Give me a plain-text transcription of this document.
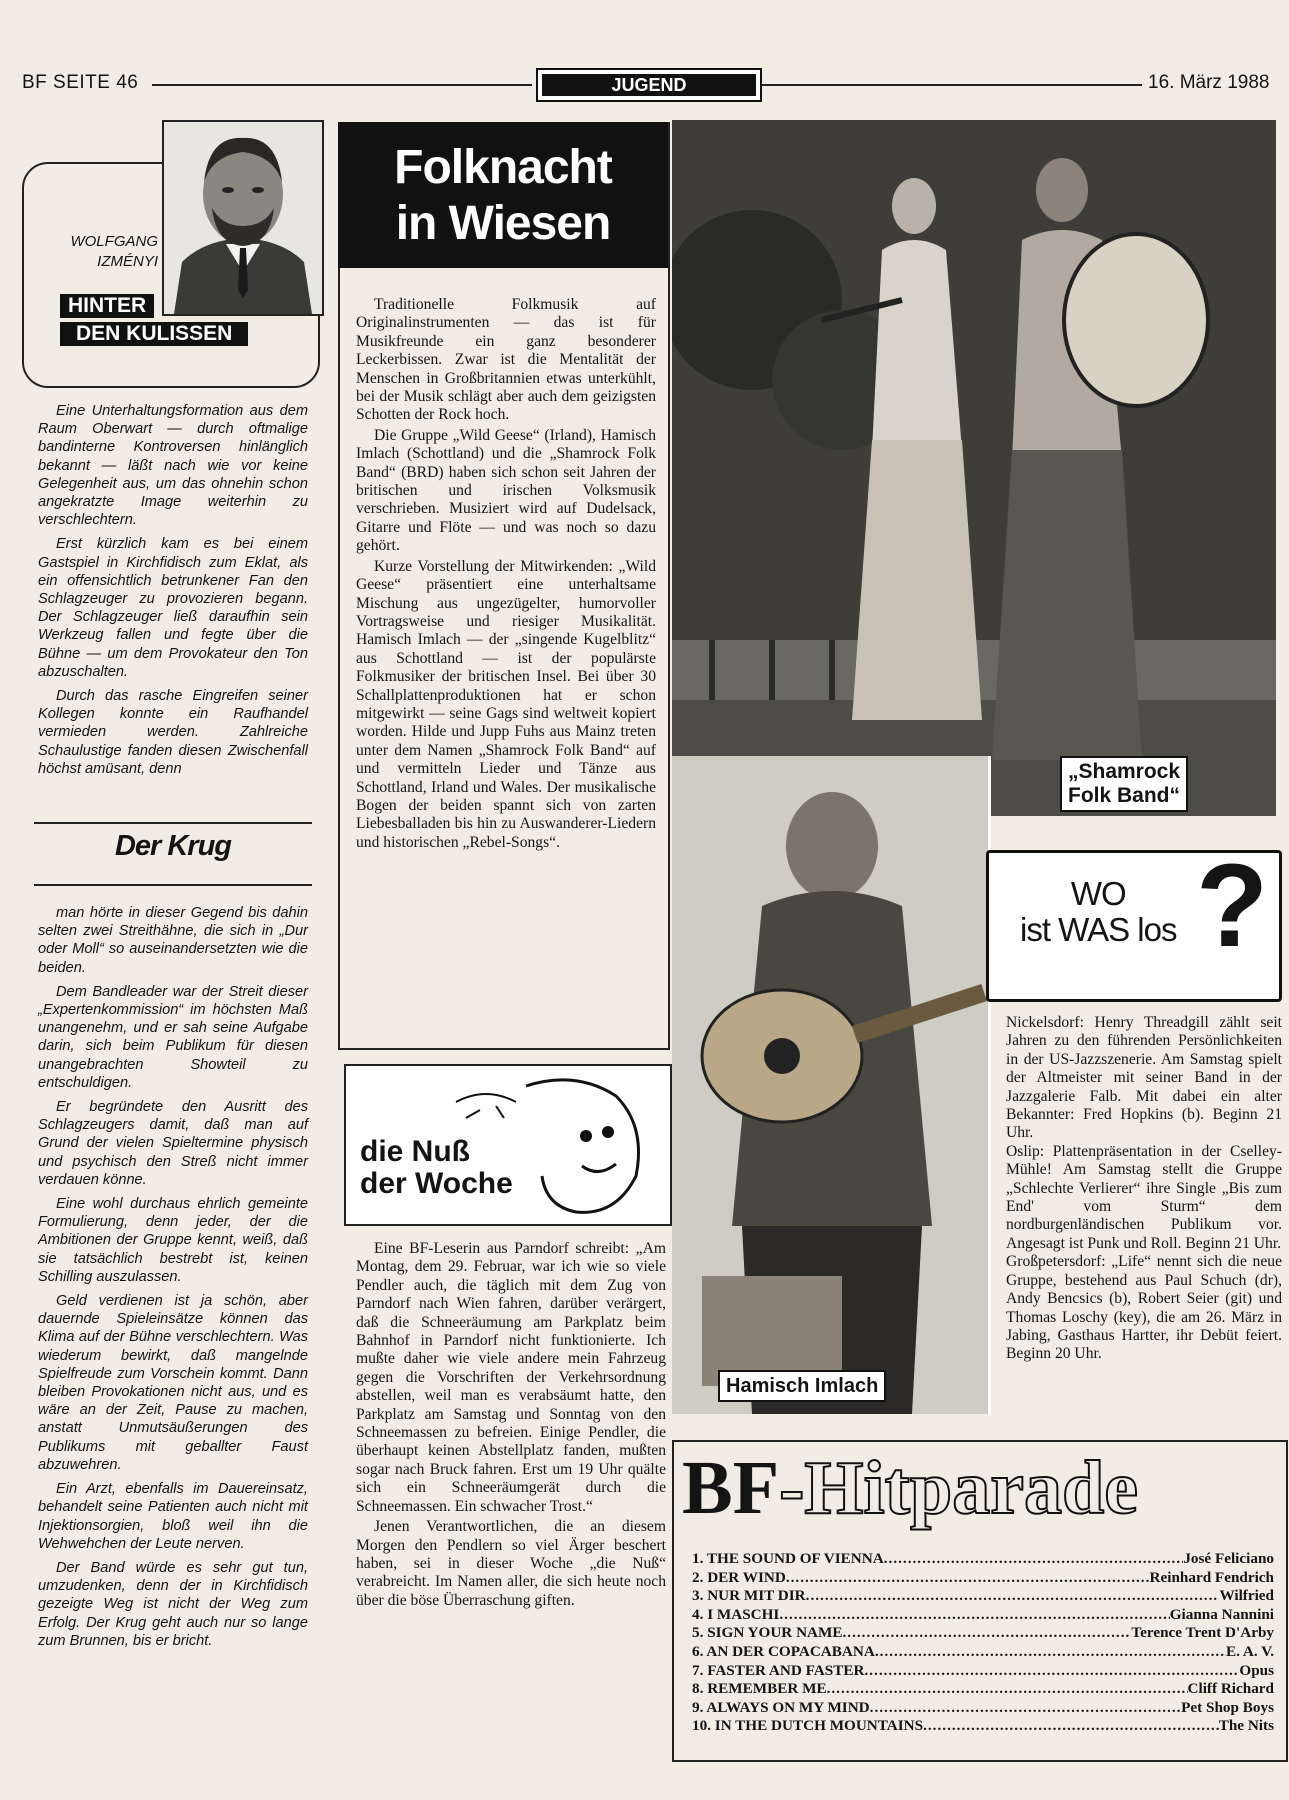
BF SEITE 46	JUGEND	16. März 1988
WOLFGANG
IZMÉNYI
HINTER
DEN KULISSEN

Eine Unterhaltungsformation aus dem Raum Oberwart — durch oftmalige bandinterne Kontroversen hinlänglich bekannt — läßt nach wie vor keine Gelegenheit aus, um das ohnehin schon angekratzte Image weiterhin zu verschlechtern.

Erst kürzlich kam es bei einem Gastspiel in Kirchfidisch zum Eklat, als ein offensichtlich betrunkener Fan den Schlagzeuger zu provozieren begann. Der Schlagzeuger ließ daraufhin sein Werkzeug fallen und fegte über die Bühne — um dem Provokateur den Ton abzuschalten.

Durch das rasche Eingreifen seiner Kollegen konnte ein Raufhandel vermieden werden. Zahlreiche Schaulustige fanden diesen Zwischenfall höchst amüsant, denn

Der Krug

man hörte in dieser Gegend bis dahin selten zwei Streithähne, die sich in „Dur oder Moll“ so auseinandersetzten wie die beiden.

Dem Bandleader war der Streit dieser „Expertenkommission“ im höchsten Maß unangenehm, und er sah seine Aufgabe darin, sich beim Publikum für diesen unangebrachten Showteil zu entschuldigen.

Er begründete den Ausritt des Schlagzeugers damit, daß man auf Grund der vielen Spieltermine physisch und psychisch den Streß nicht immer verdauen könne.

Eine wohl durchaus ehrlich gemeinte Formulierung, denn jeder, der die Ambitionen der Gruppe kennt, weiß, daß sie tatsächlich bestrebt ist, keinen Schilling auszulassen.

Geld verdienen ist ja schön, aber dauernde Spieleinsätze können das Klima auf der Bühne verschlechtern. Was wiederum bewirkt, daß mangelnde Spielfreude zum Vorschein kommt. Dann bleiben Provokationen nicht aus, und es wäre an der Zeit, Pause zu machen, anstatt Unmutsäußerungen des Publikums mit geballter Faust abzuwehren.

Ein Arzt, ebenfalls im Dauereinsatz, behandelt seine Patienten auch nicht mit Injektionsorgien, bloß weil ihn die Wehwehchen der Leute nerven.

Der Band würde es sehr gut tun, umzudenken, denn der in Kirchfidisch gezeigte Weg ist nicht der Weg zum Erfolg. Der Krug geht auch nur so lange zum Brunnen, bis er bricht.

Folknacht
in Wiesen

Traditionelle Folkmusik auf Originalinstrumenten — das ist für Musikfreunde ein ganz besonderer Leckerbissen. Zwar ist die Mentalität der Menschen in Großbritannien etwas unterkühlt, bei der Musik schlägt aber auch dem geizigsten Schotten der Rock hoch.

Die Gruppe „Wild Geese“ (Irland), Hamisch Imlach (Schottland) und die „Shamrock Folk Band“ (BRD) haben sich schon seit Jahren der britischen und irischen Volksmusik verschrieben. Musiziert wird auf Dudelsack, Gitarre und Flöte — und was noch so dazu gehört.

Kurze Vorstellung der Mitwirkenden: „Wild Geese“ präsentiert eine unterhaltsame Mischung aus ungezügelter, humorvoller Vortragsweise und riesiger Musikalität. Hamisch Imlach — der „singende Kugelblitz“ aus Schottland — ist der populärste Folkmusiker der britischen Insel. Bei über 30 Schallplattenproduktionen hat er schon mitgewirkt — seine Gags sind weltweit kopiert worden. Hilde und Jupp Fuhs aus Mainz treten unter dem Namen „Shamrock Folk Band“ auf und vermitteln Lieder und Tänze aus Schottland, Irland und Wales. Der musikalische Bogen der beiden spannt sich von zarten Liebesballaden bis hin zu Auswanderer-Liedern und historischen „Rebel-Songs“.

„Shamrock
Folk Band“
Hamisch Imlach
die Nuß
der Woche

Eine BF-Leserin aus Parndorf schreibt: „Am Montag, dem 29. Februar, war ich wie so viele Pendler auch, die täglich mit dem Zug von Parndorf nach Wien fahren, darüber verärgert, daß die Schneeräumung am Parkplatz beim Bahnhof in Parndorf nicht funktionierte. Ich mußte daher wie viele andere mein Fahrzeug gegen die Vorschriften der Verkehrsordnung abstellen, weil man es verabsäumt hatte, den Parkplatz am Samstag und Sonntag von den Schneemassen zu befreien. Einige Pendler, die überhaupt keinen Abstellplatz fanden, mußten sogar nach Bruck fahren. Erst um 19 Uhr quälte sich ein Schneeräumgerät durch die Schneemassen. Ein schwacher Trost.“

Jenen Verantwortlichen, die an diesem Morgen den Pendlern so viel Ärger beschert haben, sei in dieser Woche „die Nuß“ verabreicht. Im Namen aller, die sich heute noch über die böse Überraschung giften.

WO
ist WAS los ?

Nickelsdorf: Henry Threadgill zählt seit Jahren zu den führenden Persönlichkeiten in der US-Jazzszenerie. Am Samstag spielt der Altmeister mit seiner Band in der Jazzgalerie Falb. Mit dabei ein alter Bekannter: Fred Hopkins (b). Beginn 21 Uhr.

Oslip: Plattenpräsentation in der Cselley-Mühle! Am Samstag stellt die Gruppe „Schlechte Verlierer“ ihre Single „Bis zum End' vom Sturm“ dem nordburgenländischen Publikum vor. Angesagt ist Punk und Roll. Beginn 21 Uhr.

Großpetersdorf: „Life“ nennt sich die neue Gruppe, bestehend aus Paul Schuch (dr), Andy Bencsics (b), Robert Seier (git) und Thomas Loschy (key), die am 26. März in Jabing, Gasthaus Hartter, ihr Debüt feiert. Beginn 20 Uhr.

BF-Hitparade
1. THE SOUND OF VIENNA .....	José Feliciano
2. DER WIND .....	Reinhard Fendrich
3. NUR MIT DIR .....	Wilfried
4. I MASCHI .....	Gianna Nannini
5. SIGN YOUR NAME .....	Terence Trent D'Arby
6. AN DER COPACABANA .....	E. A. V.
7. FASTER AND FASTER .....	Opus
8. REMEMBER ME .....	Cliff Richard
9. ALWAYS ON MY MIND .....	Pet Shop Boys
10. IN THE DUTCH MOUNTAINS .....	The Nits
